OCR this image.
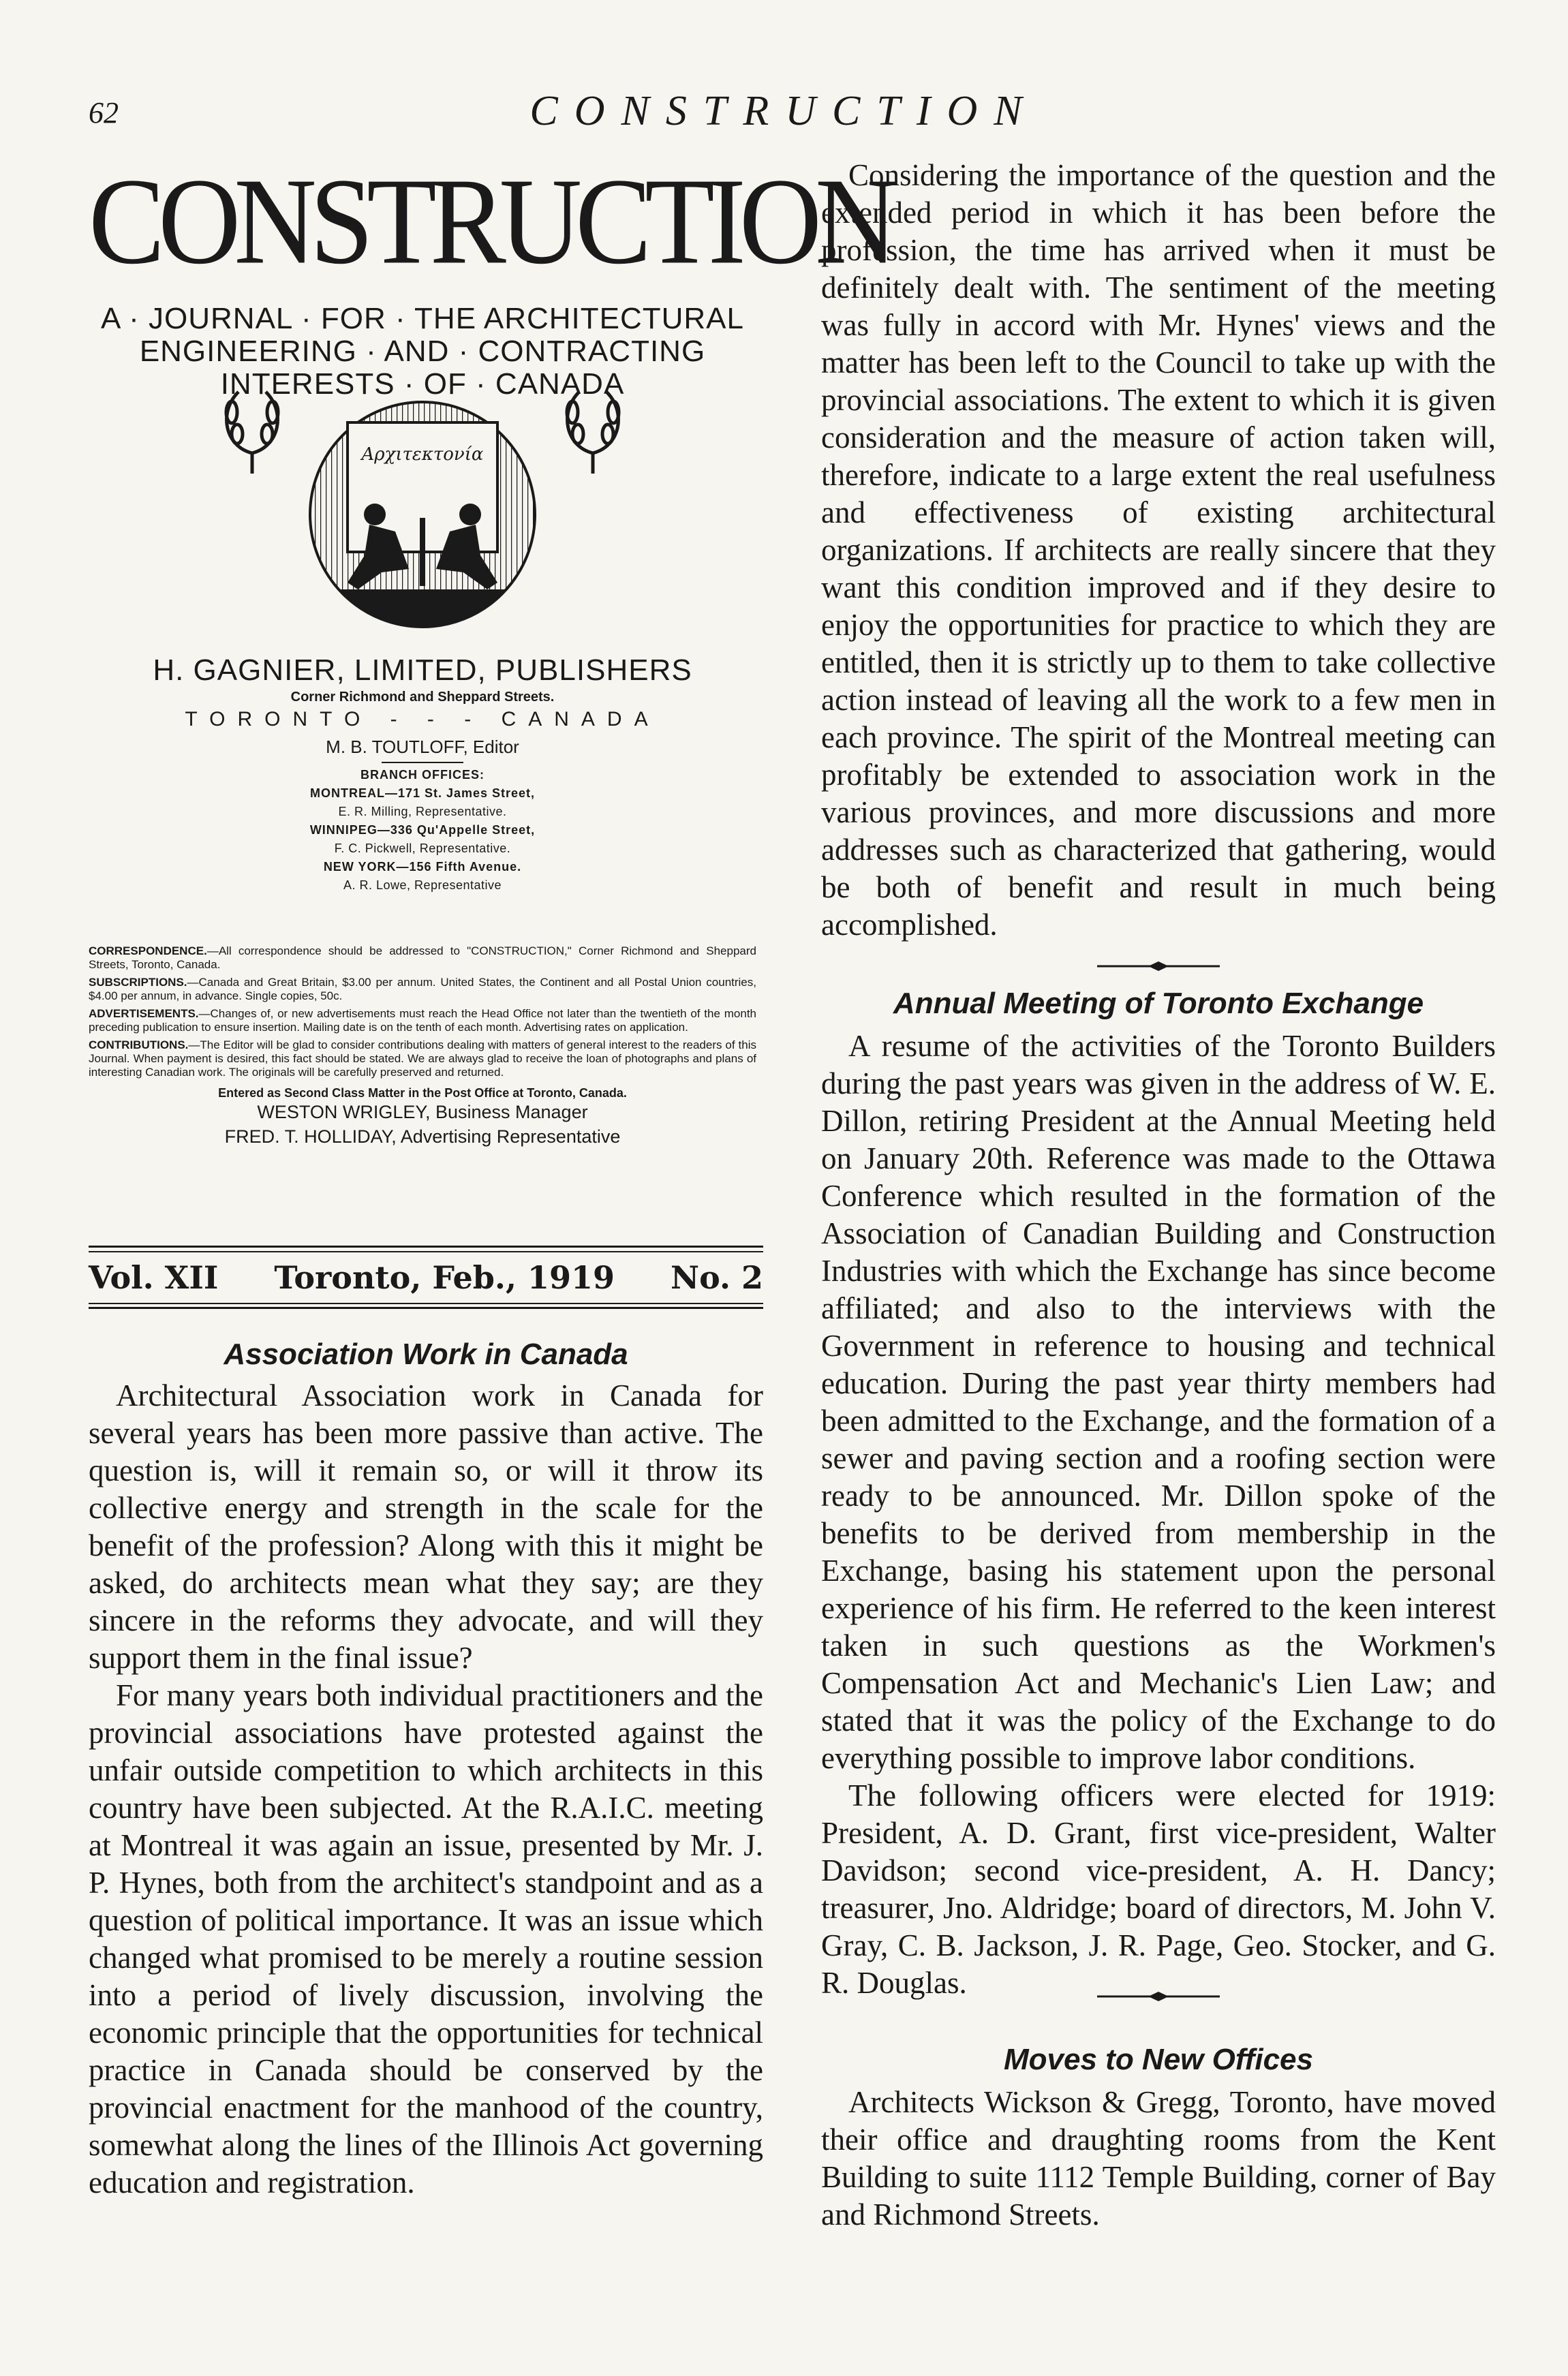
62	CONSTRUCTION
CONSTRUCTION
A · JOURNAL · FOR · THE ARCHITECTURAL
ENGINEERING · AND · CONTRACTING
INTERESTS · OF · CANADA
Αρχιτεκτονία
H. GAGNIER, LIMITED, PUBLISHERS
Corner Richmond and Sheppard Streets.
TORONTO - - - CANADA
M. B. TOUTLOFF, Editor
BRANCH OFFICES:
MONTREAL—171 St. James Street,
E. R. Milling, Representative.
WINNIPEG—336 Qu'Appelle Street,
F. C. Pickwell, Representative.
NEW YORK—156 Fifth Avenue.
A. R. Lowe, Representative
CORRESPONDENCE.—All correspondence should be addressed to "CONSTRUCTION," Corner Richmond and Sheppard Streets, Toronto, Canada.
SUBSCRIPTIONS.—Canada and Great Britain, $3.00 per annum. United States, the Continent and all Postal Union countries, $4.00 per annum, in advance. Single copies, 50c.
ADVERTISEMENTS.—Changes of, or new advertisements must reach the Head Office not later than the twentieth of the month preceding publication to ensure insertion. Mailing date is on the tenth of each month. Advertising rates on application.
CONTRIBUTIONS.—The Editor will be glad to consider contributions dealing with matters of general interest to the readers of this Journal. When payment is desired, this fact should be stated. We are always glad to receive the loan of photographs and plans of interesting Canadian work. The originals will be carefully preserved and returned.
Entered as Second Class Matter in the Post Office at Toronto, Canada.
WESTON WRIGLEY, Business Manager
FRED. T. HOLLIDAY, Advertising Representative
Vol. XII Toronto, Feb., 1919 No. 2
Association Work in Canada

Architectural Association work in Canada for several years has been more passive than active. The question is, will it remain so, or will it throw its collective energy and strength in the scale for the benefit of the profession? Along with this it might be asked, do architects mean what they say; are they sincere in the reforms they advocate, and will they support them in the final issue?

For many years both individual practitioners and the provincial associations have protested against the unfair outside competition to which architects in this country have been subjected. At the R.A.I.C. meeting at Montreal it was again an issue, presented by Mr. J. P. Hynes, both from the architect's standpoint and as a question of political importance. It was an issue which changed what promised to be merely a routine session into a period of lively discussion, involving the economic principle that the opportunities for technical practice in Canada should be conserved by the provincial enactment for the manhood of the country, somewhat along the lines of the Illinois Act governing education and registration.

Considering the importance of the question and the extended period in which it has been before the profession, the time has arrived when it must be definitely dealt with. The sentiment of the meeting was fully in accord with Mr. Hynes' views and the matter has been left to the Council to take up with the provincial associations. The extent to which it is given consideration and the measure of action taken will, therefore, indicate to a large extent the real usefulness and effectiveness of existing architectural organizations. If architects are really sincere that they want this condition improved and if they desire to enjoy the opportunities for practice to which they are entitled, then it is strictly up to them to take collective action instead of leaving all the work to a few men in each province. The spirit of the Montreal meeting can profitably be extended to association work in the various provinces, and more discussions and more addresses such as characterized that gathering, would be both of benefit and result in much being accomplished.

Annual Meeting of Toronto Exchange

A resume of the activities of the Toronto Builders during the past years was given in the address of W. E. Dillon, retiring President at the Annual Meeting held on January 20th. Reference was made to the Ottawa Conference which resulted in the formation of the Association of Canadian Building and Construction Industries with which the Exchange has since become affiliated; and also to the interviews with the Government in reference to housing and technical education. During the past year thirty members had been admitted to the Exchange, and the formation of a sewer and paving section and a roofing section were ready to be announced. Mr. Dillon spoke of the benefits to be derived from membership in the Exchange, basing his statement upon the personal experience of his firm. He referred to the keen interest taken in such questions as the Workmen's Compensation Act and Mechanic's Lien Law; and stated that it was the policy of the Exchange to do everything possible to improve labor conditions.

The following officers were elected for 1919: President, A. D. Grant, first vice-president, Walter Davidson; second vice-president, A. H. Dancy; treasurer, Jno. Aldridge; board of directors, M. John V. Gray, C. B. Jackson, J. R. Page, Geo. Stocker, and G. R. Douglas.

Moves to New Offices

Architects Wickson & Gregg, Toronto, have moved their office and draughting rooms from the Kent Building to suite 1112 Temple Building, corner of Bay and Richmond Streets.
